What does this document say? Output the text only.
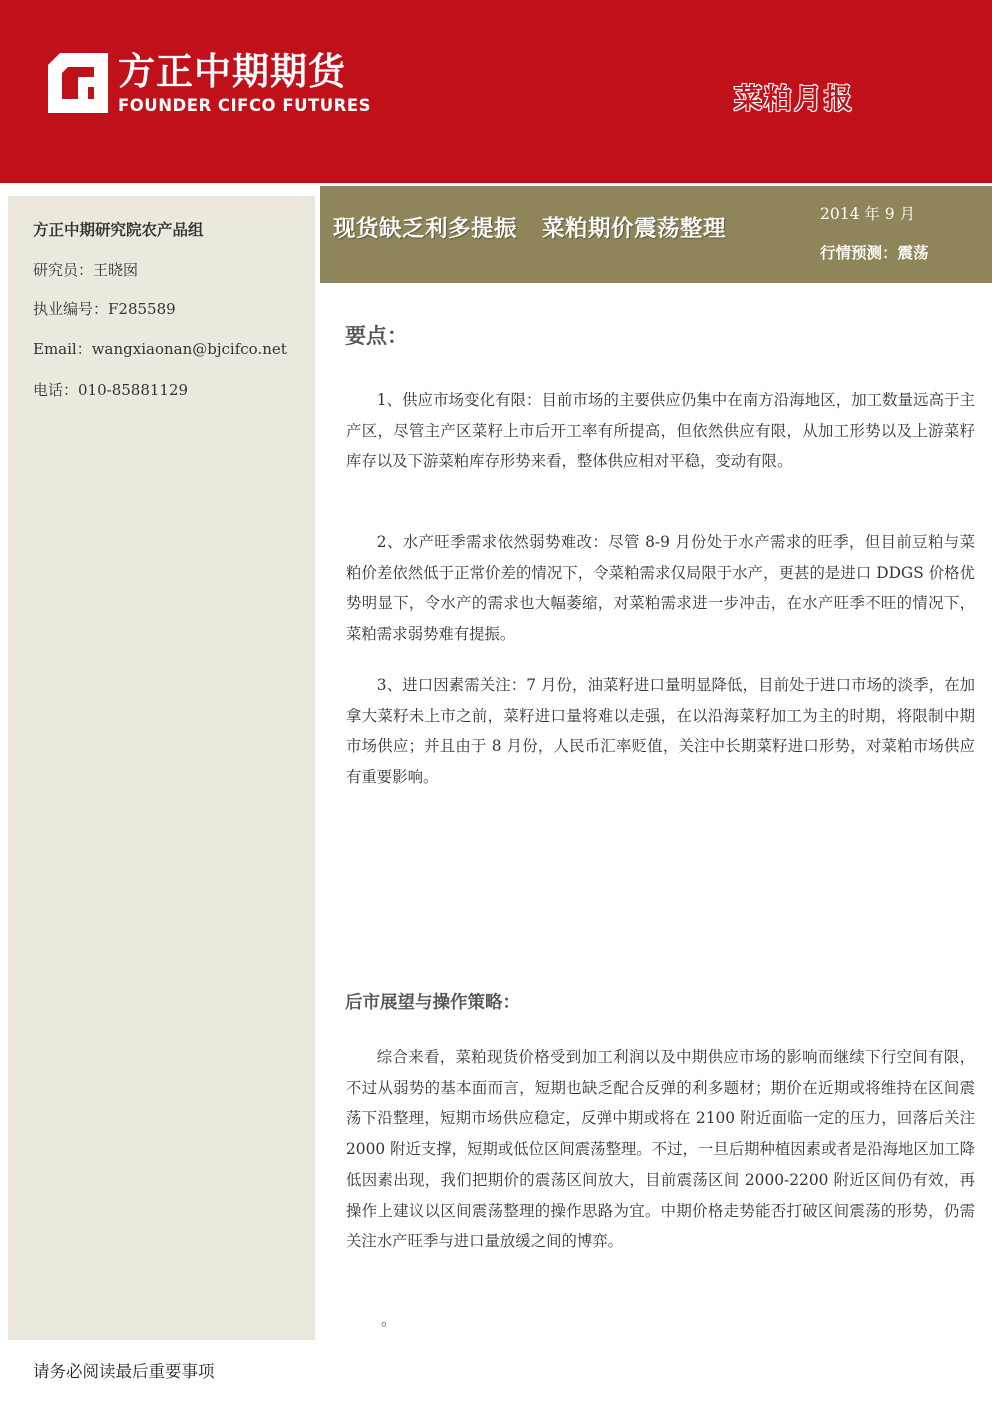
方正中期期货
FOUNDER CIFCO FUTURES	菜粕月报
方正中期研究院农产品组
研究员：王晓囡
执业编号：F285589
Email：wangxiaonan@bjcifco.net
电话：010-85881129
现货缺乏利多提振   菜粕期价震荡整理
2014 年 9 月
行情预测：震荡
要点：

1、供应市场变化有限：目前市场的主要供应仍集中在南方沿海地区，加工数量远高于主产区，尽管主产区菜籽上市后开工率有所提高，但依然供应有限，从加工形势以及上游菜籽库存以及下游菜粕库存形势来看，整体供应相对平稳，变动有限。

2、水产旺季需求依然弱势难改：尽管 8-9 月份处于水产需求的旺季，但目前豆粕与菜粕价差依然低于正常价差的情况下，令菜粕需求仅局限于水产，更甚的是进口 DDGS 价格优势明显下，令水产的需求也大幅萎缩，对菜粕需求进一步冲击，在水产旺季不旺的情况下，菜粕需求弱势难有提振。

3、进口因素需关注：7 月份，油菜籽进口量明显降低，目前处于进口市场的淡季，在加拿大菜籽未上市之前，菜籽进口量将难以走强，在以沿海菜籽加工为主的时期，将限制中期市场供应；并且由于 8 月份，人民币汇率贬值，关注中长期菜籽进口形势，对菜粕市场供应有重要影响。

后市展望与操作策略：

综合来看，菜粕现货价格受到加工利润以及中期供应市场的影响而继续下行空间有限，不过从弱势的基本面而言，短期也缺乏配合反弹的利多题材；期价在近期或将维持在区间震荡下沿整理，短期市场供应稳定，反弹中期或将在 2100 附近面临一定的压力，回落后关注 2000 附近支撑，短期或低位区间震荡整理。不过，一旦后期种植因素或者是沿海地区加工降低因素出现，我们把期价的震荡区间放大，目前震荡区间 2000-2200 附近区间仍有效，再操作上建议以区间震荡整理的操作思路为宜。中期价格走势能否打破区间震荡的形势，仍需关注水产旺季与进口量放缓之间的博弈。

。
请务必阅读最后重要事项
